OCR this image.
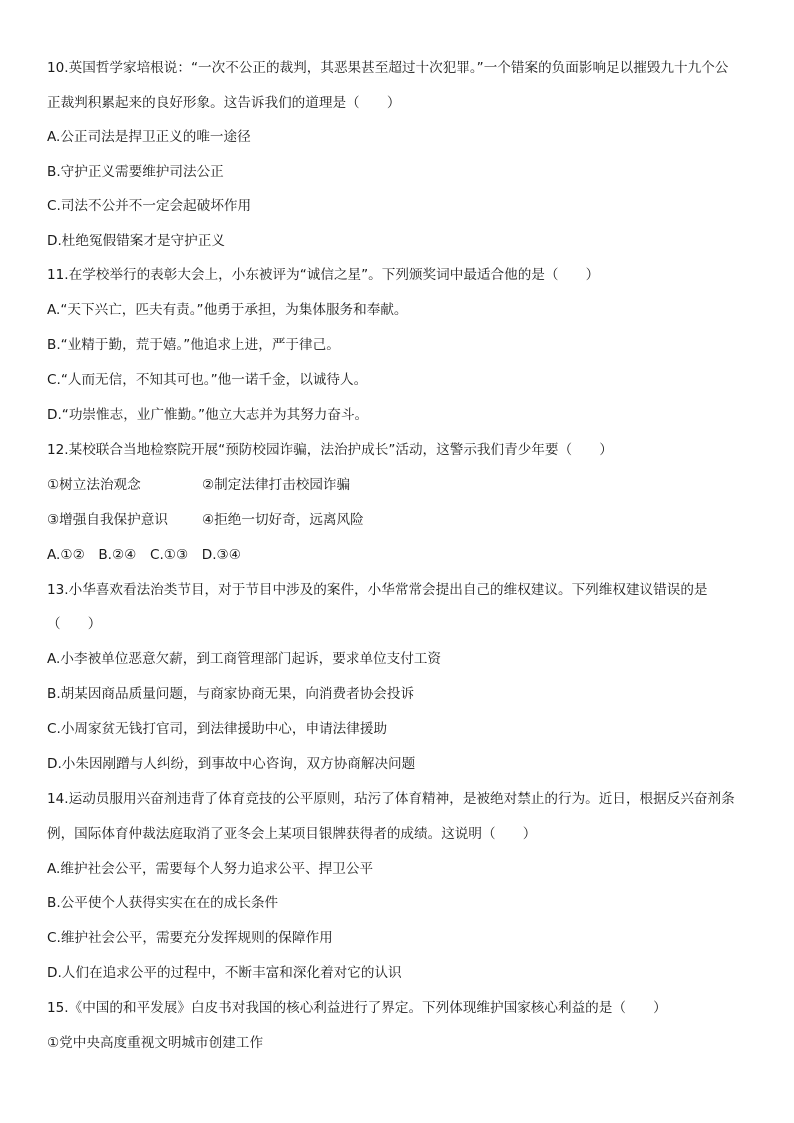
10.英国哲学家培根说：“一次不公正的裁判，其恶果甚至超过十次犯罪。”一个错案的负面影响足以摧毁九十九个公
正裁判积累起来的良好形象。这告诉我们的道理是（　　）
A.公正司法是捍卫正义的唯一途径
B.守护正义需要维护司法公正
C.司法不公并不一定会起破坏作用
D.杜绝冤假错案才是守护正义
11.在学校举行的表彰大会上，小东被评为“诚信之星”。下列颁奖词中最适合他的是（　　）
A.“天下兴亡，匹夫有责。”他勇于承担，为集体服务和奉献。
B.“业精于勤，荒于嬉。”他追求上进，严于律己。
C.“人而无信，不知其可也。”他一诺千金，以诚待人。
D.“功崇惟志，业广惟勤。”他立大志并为其努力奋斗。
12.某校联合当地检察院开展“预防校园诈骗，法治护成长”活动，这警示我们青少年要（　　）
①树立法治观念	②制定法律打击校园诈骗
③增强自我保护意识	④拒绝一切好奇，远离风险
A.①②　B.②④　C.①③　D.③④
13.小华喜欢看法治类节目，对于节目中涉及的案件，小华常常会提出自己的维权建议。下列维权建议错误的是
（　　）
A.小李被单位恶意欠薪，到工商管理部门起诉，要求单位支付工资
B.胡某因商品质量问题，与商家协商无果，向消费者协会投诉
C.小周家贫无钱打官司，到法律援助中心，申请法律援助
D.小朱因剐蹭与人纠纷，到事故中心咨询，双方协商解决问题
14.运动员服用兴奋剂违背了体育竞技的公平原则，玷污了体育精神，是被绝对禁止的行为。近日，根据反兴奋剂条
例，国际体育仲裁法庭取消了亚冬会上某项目银牌获得者的成绩。这说明（　　）
A.维护社会公平，需要每个人努力追求公平、捍卫公平
B.公平使个人获得实实在在的成长条件
C.维护社会公平，需要充分发挥规则的保障作用
D.人们在追求公平的过程中，不断丰富和深化着对它的认识
15.《中国的和平发展》白皮书对我国的核心利益进行了界定。下列体现维护国家核心利益的是（　　）
①党中央高度重视文明城市创建工作
